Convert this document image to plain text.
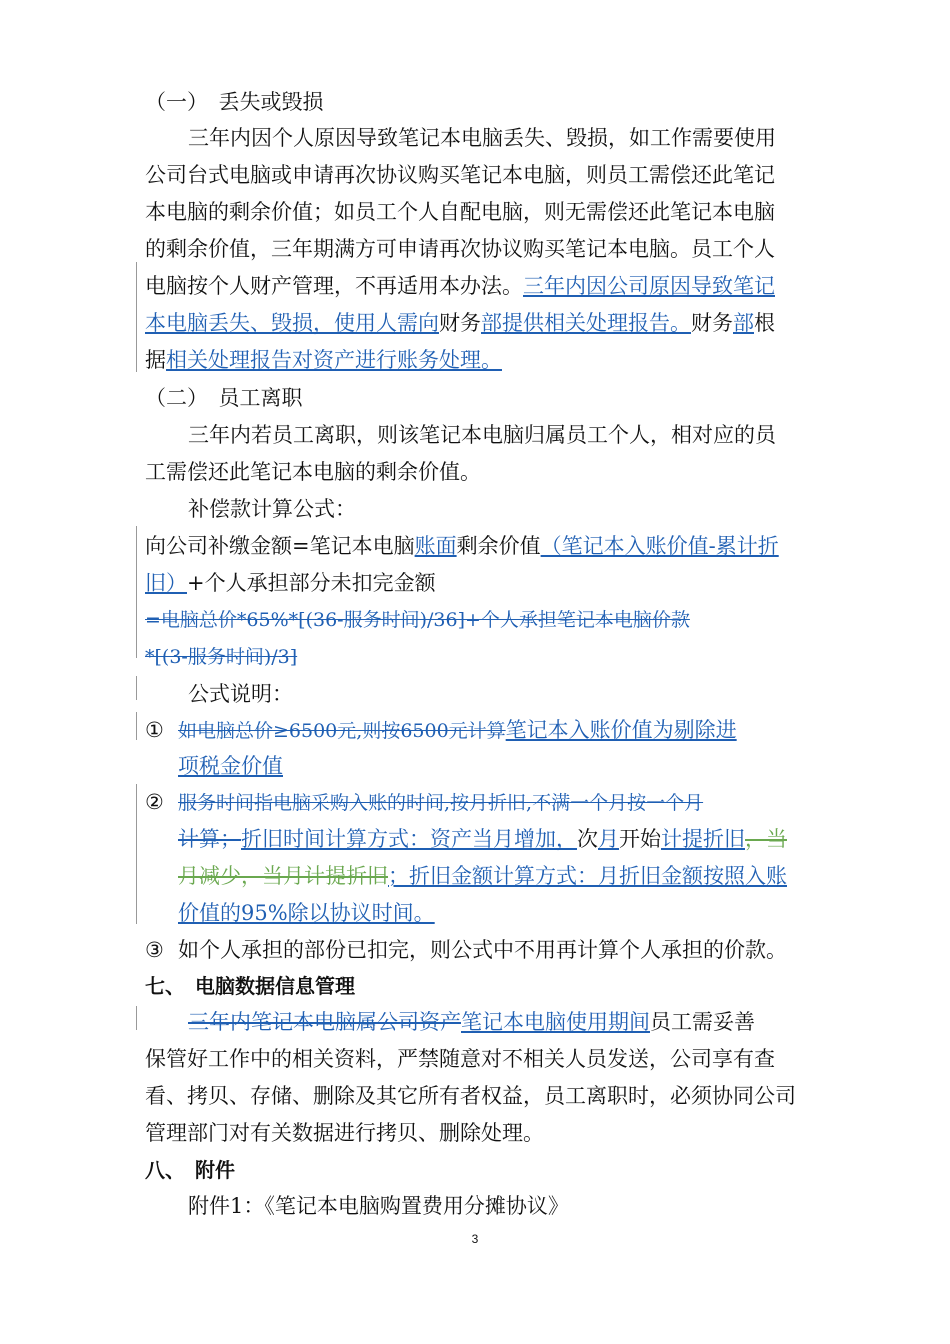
（一）　丢失或毁损
三年内因个人原因导致笔记本电脑丢失、毁损，如工作需要使用
公司台式电脑或申请再次协议购买笔记本电脑，则员工需偿还此笔记
本电脑的剩余价值；如员工个人自配电脑，则无需偿还此笔记本电脑
的剩余价值，三年期满方可申请再次协议购买笔记本电脑。员工个人
电脑按个人财产管理，不再适用本办法。三年内因公司原因导致笔记
本电脑丢失、毁损，使用人需向财务部提供相关处理报告。财务部根
据相关处理报告对资产进行账务处理。
（二）　员工离职
三年内若员工离职，则该笔记本电脑归属员工个人，相对应的员
工需偿还此笔记本电脑的剩余价值。
补偿款计算公式：
向公司补缴金额=笔记本电脑账面剩余价值（笔记本入账价值-累计折
旧）+个人承担部分未扣完金额
=电脑总价*65%*[(36-服务时间)/36]+个人承担笔记本电脑价款
*[(3-服务时间)/3]
公式说明：
① 如电脑总价≥6500元,则按6500元计算笔记本入账价值为剔除进
项税金价值
② 服务时间指电脑采购入账的时间,按月折旧,不满一个月按一个月
计算；折旧时间计算方式：资产当月增加，次月开始计提折旧，当
月减少，当月计提折旧；折旧金额计算方式：月折旧金额按照入账
价值的95%除以协议时间。
③ 如个人承担的部份已扣完，则公式中不用再计算个人承担的价款。
七、　电脑数据信息管理
三年内笔记本电脑属公司资产笔记本电脑使用期间员工需妥善
保管好工作中的相关资料，严禁随意对不相关人员发送，公司享有查
看、拷贝、存储、删除及其它所有者权益，员工离职时，必须协同公司
管理部门对有关数据进行拷贝、删除处理。
八、　附件
附件1：《笔记本电脑购置费用分摊协议》
3
